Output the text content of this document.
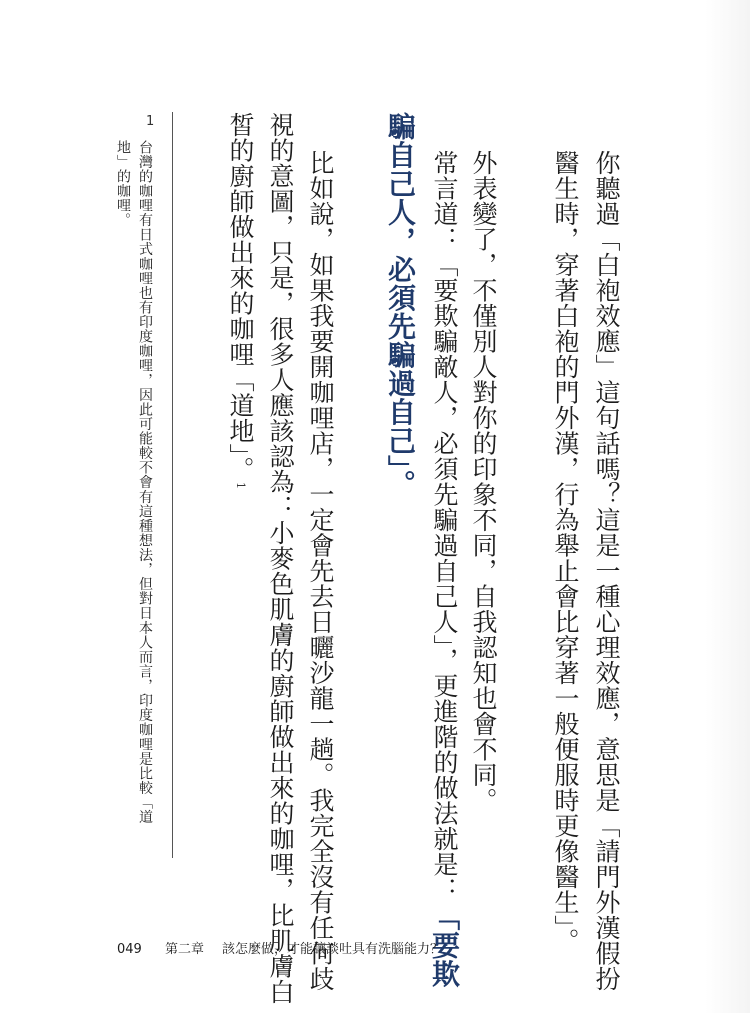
你聽過「白袍效應」這句話嗎？這是一種心理效應，意思是「請門外漢假扮
醫生時，穿著白袍的門外漢，行為舉止會比穿著一般便服時更像醫生」。
外表變了，不僅別人對你的印象不同，自我認知也會不同。
常言道：「要欺騙敵人，必須先騙過自己人」，更進階的做法就是：「要欺
騙自己人，必須先騙過自己」。
比如說，如果我要開咖哩店，一定會先去日曬沙龍一趟。我完全沒有任何歧
視的意圖，只是，很多人應該認為：小麥色肌膚的廚師做出來的咖哩，比肌膚白
皙的廚師做出來的咖哩「道地」。1
1
台灣的咖哩有日式咖哩也有印度咖哩，因此可能較不會有這種想法，但對日本人而言，印度咖哩是比較「道
地」的咖哩。
049 第二章 該怎麼做，才能讓談吐具有洗腦能力？
